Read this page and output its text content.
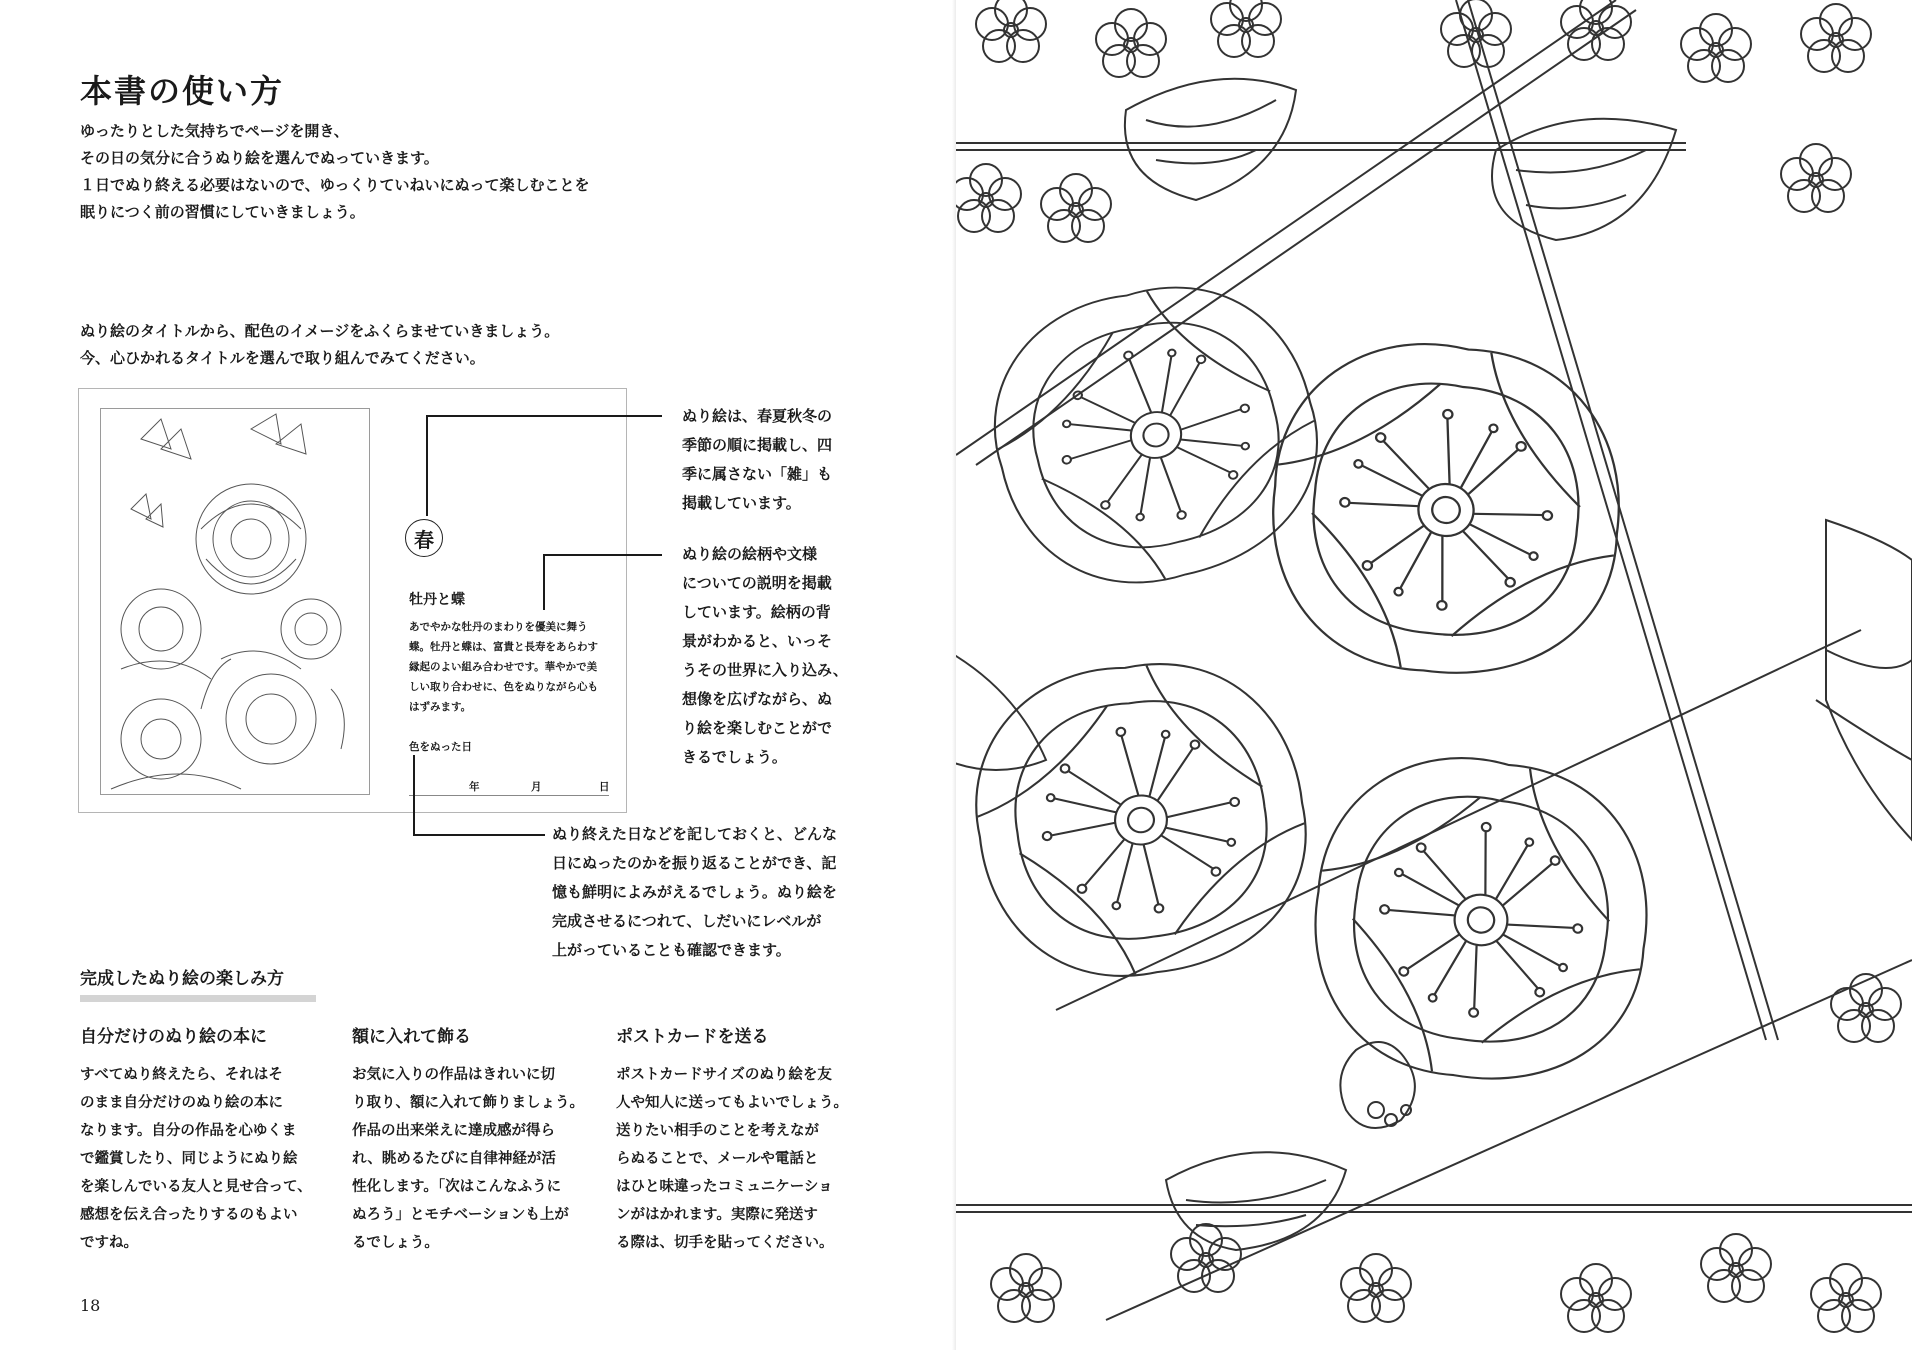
本書の使い方
ゆったりとした気持ちでページを開き、
その日の気分に合うぬり絵を選んでぬっていきます。
１日でぬり終える必要はないので、ゆっくりていねいにぬって楽しむことを
眠りにつく前の習慣にしていきましょう。
ぬり絵のタイトルから、配色のイメージをふくらませていきましょう。
今、心ひかれるタイトルを選んで取り組んでみてください。
春
牡丹と蝶
あでやかな牡丹のまわりを優美に舞う
蝶。牡丹と蝶は、富貴と長寿をあらわす
縁起のよい組み合わせです。華やかで美
しい取り合わせに、色をぬりながら心も
はずみます。
色をぬった日
年	月	日
ぬり絵は、春夏秋冬の
季節の順に掲載し、四
季に属さない「雑」も
掲載しています。
ぬり絵の絵柄や文様
についての説明を掲載
しています。絵柄の背
景がわかると、いっそ
うその世界に入り込み、
想像を広げながら、ぬ
り絵を楽しむことがで
きるでしょう。
ぬり終えた日などを記しておくと、どんな
日にぬったのかを振り返ることができ、記
憶も鮮明によみがえるでしょう。ぬり絵を
完成させるにつれて、しだいにレベルが
上がっていることも確認できます。
完成したぬり絵の楽しみ方
自分だけのぬり絵の本に
すべてぬり終えたら、それはそ
のまま自分だけのぬり絵の本に
なります。自分の作品を心ゆくま
で鑑賞したり、同じようにぬり絵
を楽しんでいる友人と見せ合って、
感想を伝え合ったりするのもよい
ですね。
額に入れて飾る
お気に入りの作品はきれいに切
り取り、額に入れて飾りましょう。
作品の出来栄えに達成感が得ら
れ、眺めるたびに自律神経が活
性化します。「次はこんなふうに
ぬろう」とモチベーションも上が
るでしょう。
ポストカードを送る
ポストカードサイズのぬり絵を友
人や知人に送ってもよいでしょう。
送りたい相手のことを考えなが
らぬることで、メールや電話と
はひと味違ったコミュニケーショ
ンがはかれます。実際に発送す
る際は、切手を貼ってください。
18
